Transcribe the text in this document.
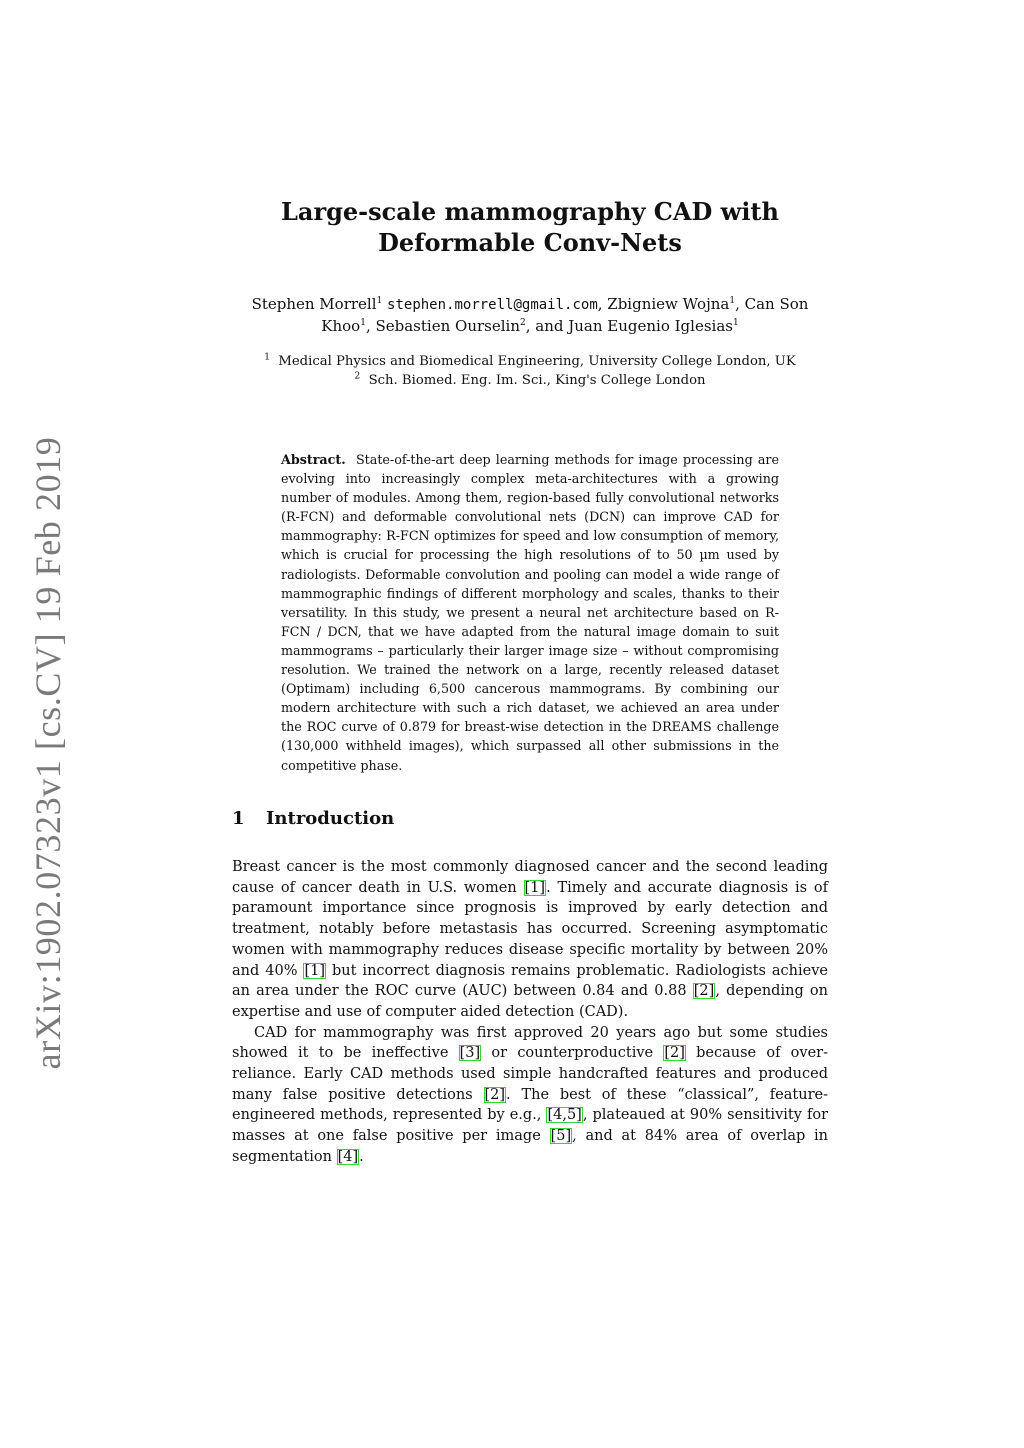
arXiv:1902.07323v1 [cs.CV] 19 Feb 2019
Large-scale mammography CAD with
Deformable Conv-Nets
Stephen Morrell$^1$ stephen.morrell@gmail.com, Zbigniew Wojna$^1$, Can Son
Khoo$^1$, Sebastien Ourselin$^2$, and Juan Eugenio Iglesias$^1$
$^1$ Medical Physics and Biomedical Engineering, University College London, UK
$^2$ Sch. Biomed. Eng. Im. Sci., King's College London
Abstract. State-of-the-art deep learning methods for image processing are evolving into increasingly complex meta-architectures with a growing number of modules. Among them, region-based fully convolutional networks (R-FCN) and deformable convolutional nets (DCN) can improve CAD for mammography: R-FCN optimizes for speed and low consumption of memory, which is crucial for processing the high resolutions of to 50 µm used by radiologists. Deformable convolution and pooling can model a wide range of mammographic findings of different morphology and scales, thanks to their versatility. In this study, we present a neural net architecture based on R-FCN / DCN, that we have adapted from the natural image domain to suit mammograms – particularly their larger image size – without compromising resolution. We trained the network on a large, recently released dataset (Optimam) including 6,500 cancerous mammograms. By combining our modern architecture with such a rich dataset, we achieved an area under the ROC curve of 0.879 for breast-wise detection in the DREAMS challenge (130,000 withheld images), which surpassed all other submissions in the competitive phase.
1 Introduction

Breast cancer is the most commonly diagnosed cancer and the second leading cause of cancer death in U.S. women [1]. Timely and accurate diagnosis is of paramount importance since prognosis is improved by early detection and treatment, notably before metastasis has occurred. Screening asymptomatic women with mammography reduces disease specific mortality by between 20% and 40% [1] but incorrect diagnosis remains problematic. Radiologists achieve an area under the ROC curve (AUC) between 0.84 and 0.88 [2], depending on expertise and use of computer aided detection (CAD).

CAD for mammography was first approved 20 years ago but some studies showed it to be ineffective [3] or counterproductive [2] because of over-reliance. Early CAD methods used simple handcrafted features and produced many false positive detections [2]. The best of these “classical”, feature-engineered methods, represented by e.g., [4,5], plateaued at 90% sensitivity for masses at one false positive per image [5], and at 84% area of overlap in segmentation [4].
